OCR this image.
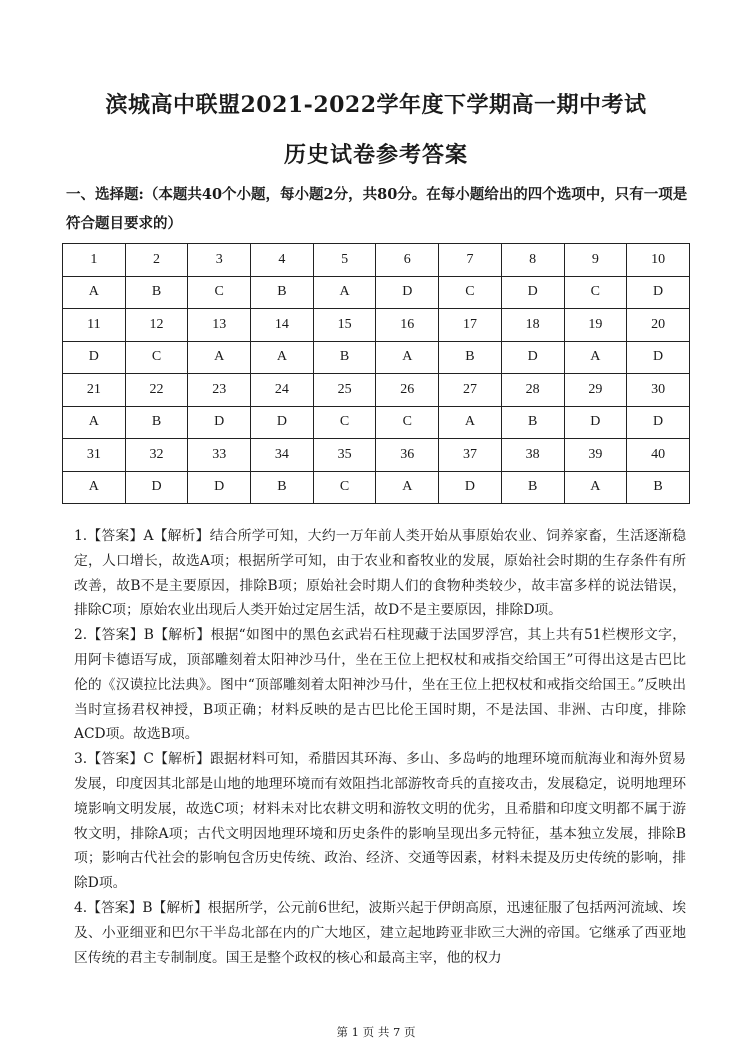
滨城高中联盟2021-2022学年度下学期高一期中考试
历史试卷参考答案
一、选择题:（本题共40个小题，每小题2分，共80分。在每小题给出的四个选项中，只有一项是符合题目要求的）
1	2	3	4	5	6	7	8	9	10
A	B	C	B	A	D	C	D	C	D
11	12	13	14	15	16	17	18	19	20
D	C	A	A	B	A	B	D	A	D
21	22	23	24	25	26	27	28	29	30
A	B	D	D	C	C	A	B	D	D
31	32	33	34	35	36	37	38	39	40
A	D	D	B	C	A	D	B	A	B

1.【答案】A【解析】结合所学可知，大约一万年前人类开始从事原始农业、饲养家畜，生活逐渐稳定，人口增长，故选A项；根据所学可知，由于农业和畜牧业的发展，原始社会时期的生存条件有所改善，故B不是主要原因，排除B项；原始社会时期人们的食物种类较少，故丰富多样的说法错误，排除C项；原始农业出现后人类开始过定居生活，故D不是主要原因，排除D项。

2.【答案】B【解析】根据“如图中的黑色玄武岩石柱现藏于法国罗浮宫，其上共有51栏楔形文字，用阿卡德语写成，顶部雕刻着太阳神沙马什，坐在王位上把权杖和戒指交给国王”可得出这是古巴比伦的《汉谟拉比法典》。图中“顶部雕刻着太阳神沙马什，坐在王位上把权杖和戒指交给国王。”反映出当时宣扬君权神授，B项正确；材料反映的是古巴比伦王国时期，不是法国、非洲、古印度，排除ACD项。故选B项。

3.【答案】C【解析】跟据材料可知，希腊因其环海、多山、多岛屿的地理环境而航海业和海外贸易发展，印度因其北部是山地的地理环境而有效阻挡北部游牧奇兵的直接攻击，发展稳定，说明地理环境影响文明发展，故选C项；材料未对比农耕文明和游牧文明的优劣，且希腊和印度文明都不属于游牧文明，排除A项；古代文明因地理环境和历史条件的影响呈现出多元特征，基本独立发展，排除B项；影响古代社会的影响包含历史传统、政治、经济、交通等因素，材料未提及历史传统的影响，排除D项。

4.【答案】B【解析】根据所学，公元前6世纪，波斯兴起于伊朗高原，迅速征服了包括两河流域、埃及、小亚细亚和巴尔干半岛北部在内的广大地区，建立起地跨亚非欧三大洲的帝国。它继承了西亚地区传统的君主专制制度。国王是整个政权的核心和最高主宰，他的权力

第 1 页 共 7 页
